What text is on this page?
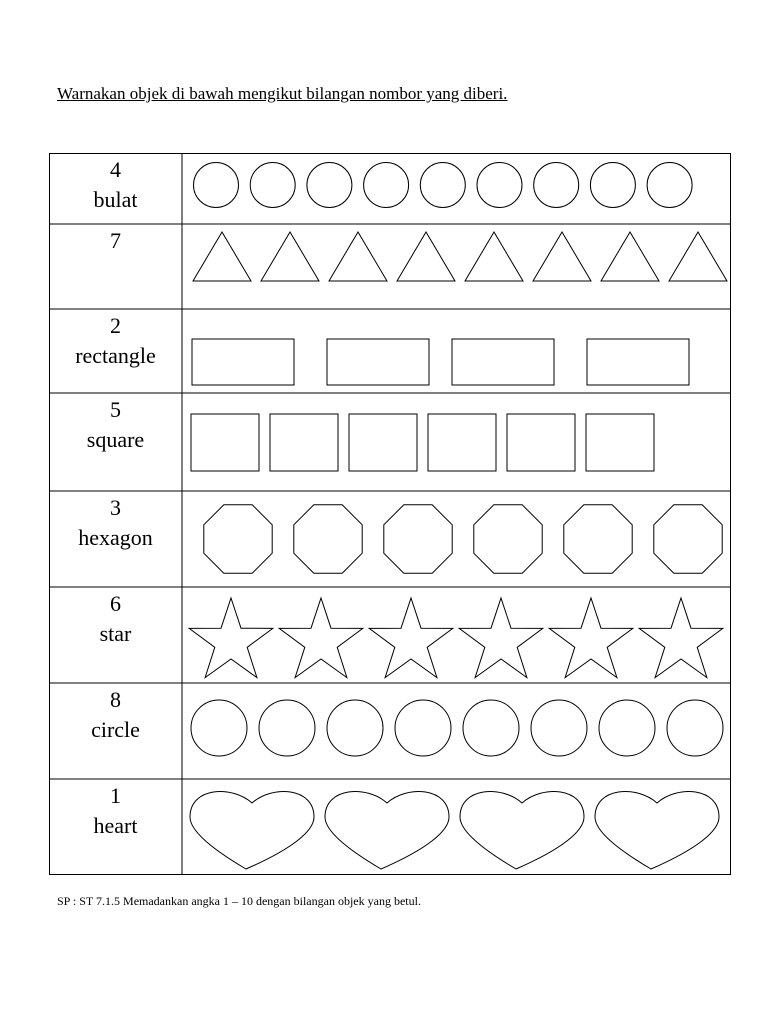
Warnakan objek di bawah mengikut bilangan nombor yang diberi.
4
bulat
7
2
rectangle
5
square
3
hexagon
6
star
8
circle
1
heart
SP : ST 7.1.5 Memadankan angka 1 – 10 dengan bilangan objek yang betul.
